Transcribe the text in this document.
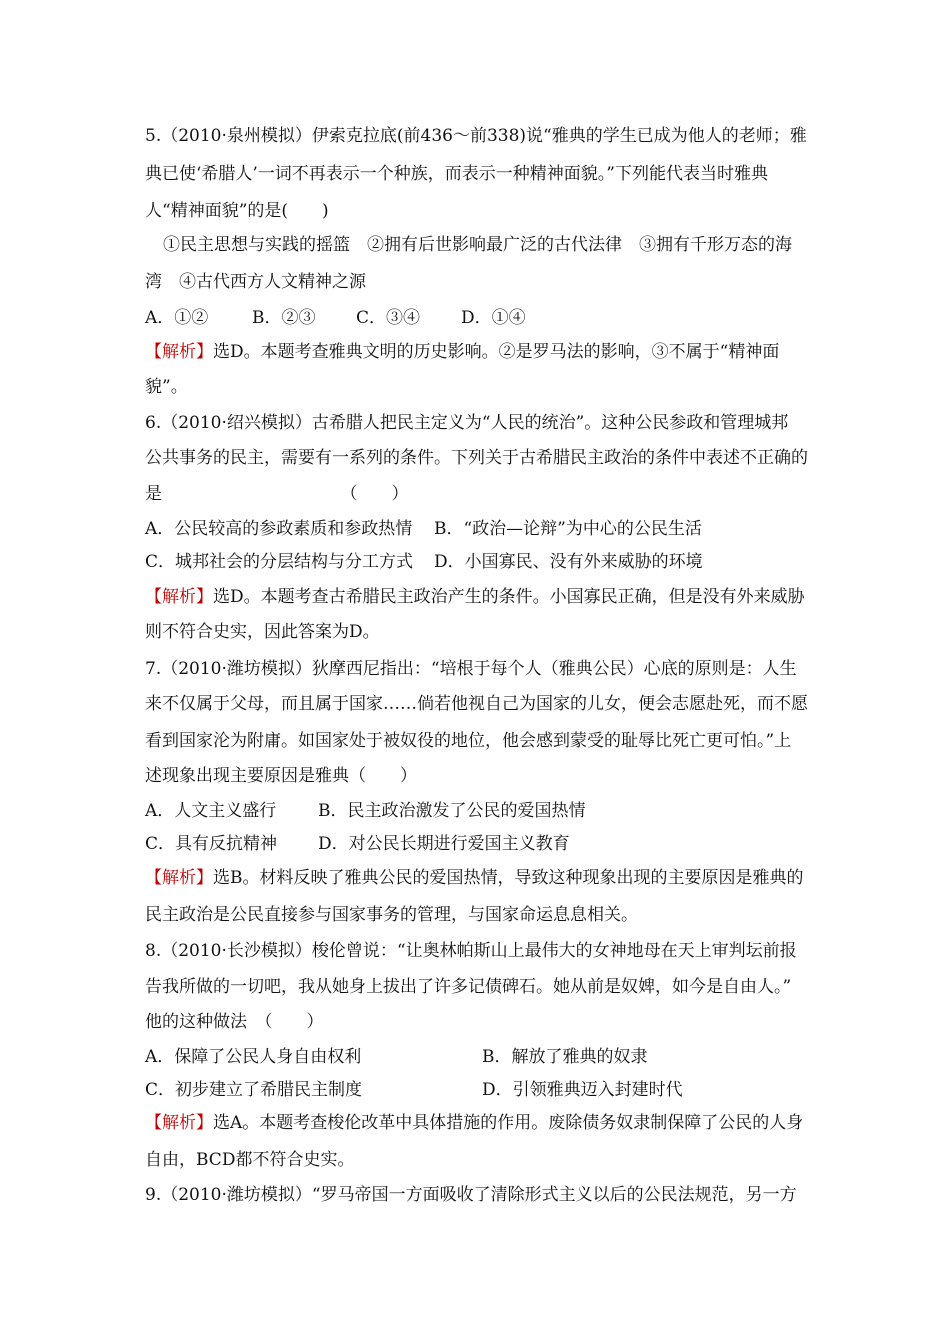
5.（2010·泉州模拟）伊索克拉底(前436～前338)说“雅典的学生已成为他人的老师；雅
典已使‘希腊人’一词不再表示一个种族，而表示一种精神面貌。”下列能代表当时雅典
人“精神面貌”的是(　　)
①民主思想与实践的摇篮　②拥有后世影响最广泛的古代法律　③拥有千形万态的海
湾　④古代西方人文精神之源
A．①②	B．②③ C．③④ D．①④
【解析】选D。本题考查雅典文明的历史影响。②是罗马法的影响，③不属于“精神面
貌”。
6.（2010·绍兴模拟）古希腊人把民主定义为“人民的统治”。这种公民参政和管理城邦
公共事务的民主，需要有一系列的条件。下列关于古希腊民主政治的条件中表述不正确的
是　　　　　　　　　　　（　　）
A．公民较高的参政素质和参政热情 B．“政治—论辩”为中心的公民生活
C．城邦社会的分层结构与分工方式 D．小国寡民、没有外来威胁的环境
【解析】选D。本题考查古希腊民主政治产生的条件。小国寡民正确，但是没有外来威胁
则不符合史实，因此答案为D。
7.（2010·潍坊模拟）狄摩西尼指出：“培根于每个人（雅典公民）心底的原则是：人生
来不仅属于父母，而且属于国家……倘若他视自己为国家的儿女，便会志愿赴死，而不愿
看到国家沦为附庸。如国家处于被奴役的地位，他会感到蒙受的耻辱比死亡更可怕。”上
述现象出现主要原因是雅典（　　）
A．人文主义盛行 B．民主政治激发了公民的爱国热情
C．具有反抗精神 D．对公民长期进行爱国主义教育
【解析】选B。材料反映了雅典公民的爱国热情，导致这种现象出现的主要原因是雅典的
民主政治是公民直接参与国家事务的管理，与国家命运息息相关。
8.（2010·长沙模拟）梭伦曾说：“让奥林帕斯山上最伟大的女神地母在天上审判坛前报
告我所做的一切吧，我从她身上拔出了许多记债碑石。她从前是奴婢，如今是自由人。”
他的这种做法　（　　）
A．保障了公民人身自由权利	B．解放了雅典的奴隶
C．初步建立了希腊民主制度	D．引领雅典迈入封建时代
【解析】选A。本题考查梭伦改革中具体措施的作用。废除债务奴隶制保障了公民的人身
自由，BCD都不符合史实。
9.（2010·潍坊模拟）“罗马帝国一方面吸收了清除形式主义以后的公民法规范，另一方
